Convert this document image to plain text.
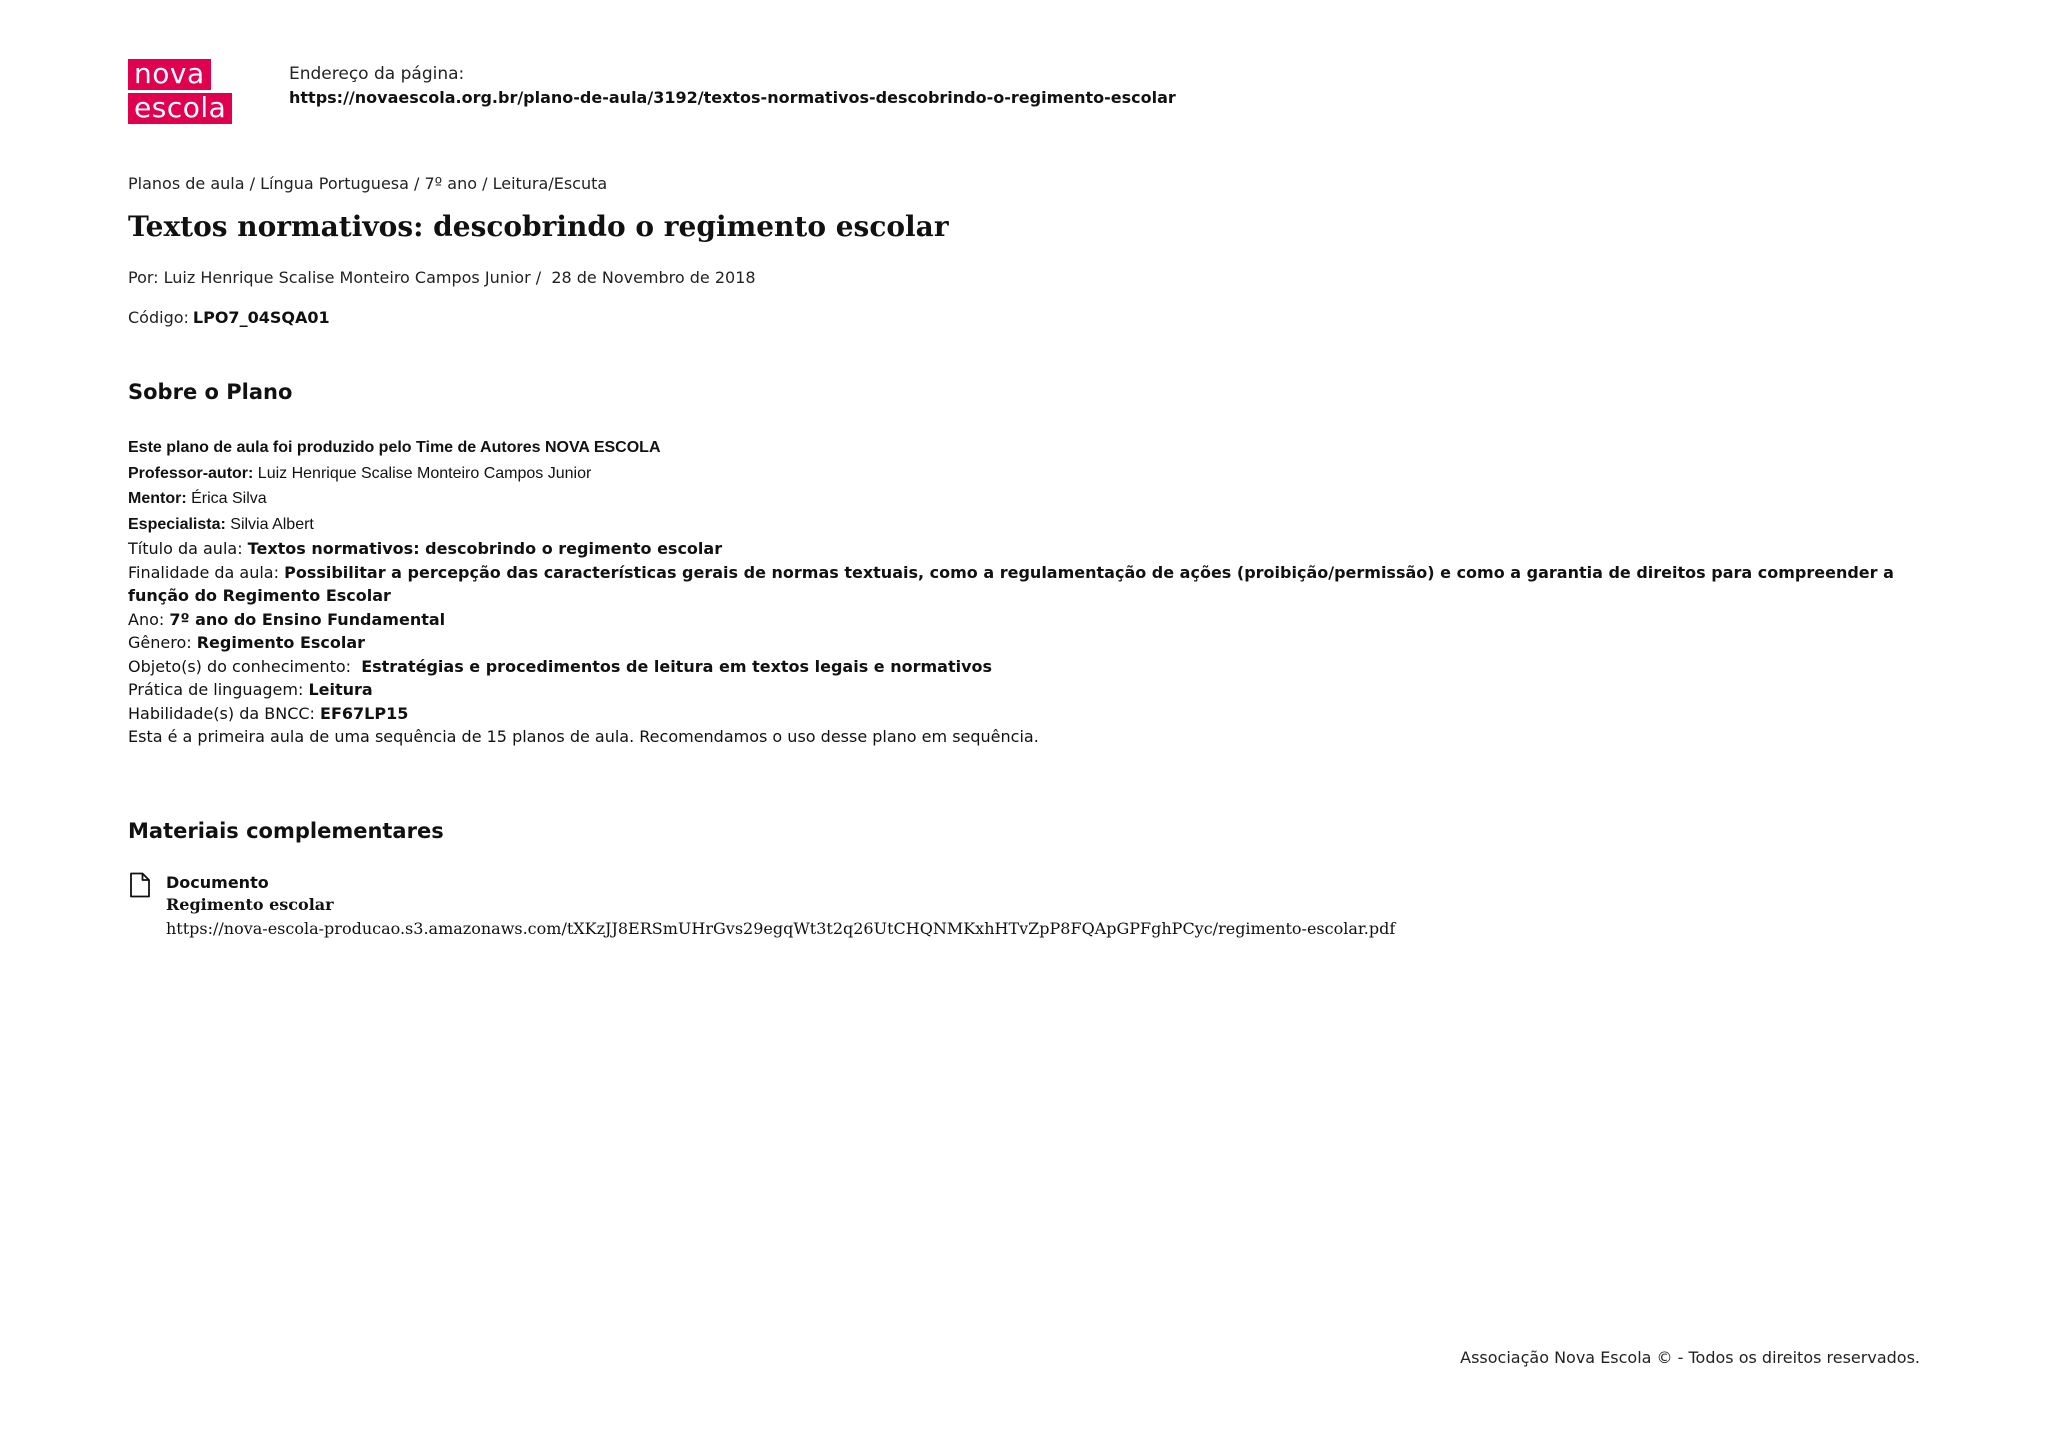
nova
escola
Endereço da página:
https://novaescola.org.br/plano-de-aula/3192/textos-normativos-descobrindo-o-regimento-escolar
Planos de aula / Língua Portuguesa / 7º ano / Leitura/Escuta
Textos normativos: descobrindo o regimento escolar
Por: Luiz Henrique Scalise Monteiro Campos Junior /  28 de Novembro de 2018
Código: LPO7_04SQA01
Sobre o Plano
Este plano de aula foi produzido pelo Time de Autores NOVA ESCOLA
Professor-autor: Luiz Henrique Scalise Monteiro Campos Junior
Mentor: Érica Silva
Especialista: Silvia Albert
Título da aula: Textos normativos: descobrindo o regimento escolar
Finalidade da aula: Possibilitar a percepção das características gerais de normas textuais, como a regulamentação de ações (proibição/permissão) e como a garantia de direitos para compreender a função do Regimento Escolar
Ano: 7º ano do Ensino Fundamental
Gênero: Regimento Escolar
Objeto(s) do conhecimento:  Estratégias e procedimentos de leitura em textos legais e normativos
Prática de linguagem: Leitura
Habilidade(s) da BNCC: EF67LP15
Esta é a primeira aula de uma sequência de 15 planos de aula. Recomendamos o uso desse plano em sequência.
Materiais complementares
Documento
Regimento escolar
https://nova-escola-producao.s3.amazonaws.com/tXKzJJ8ERSmUHrGvs29egqWt3t2q26UtCHQNMKxhHTvZpP8FQApGPFghPCyc/regimento-escolar.pdf
Associação Nova Escola © - Todos os direitos reservados.
